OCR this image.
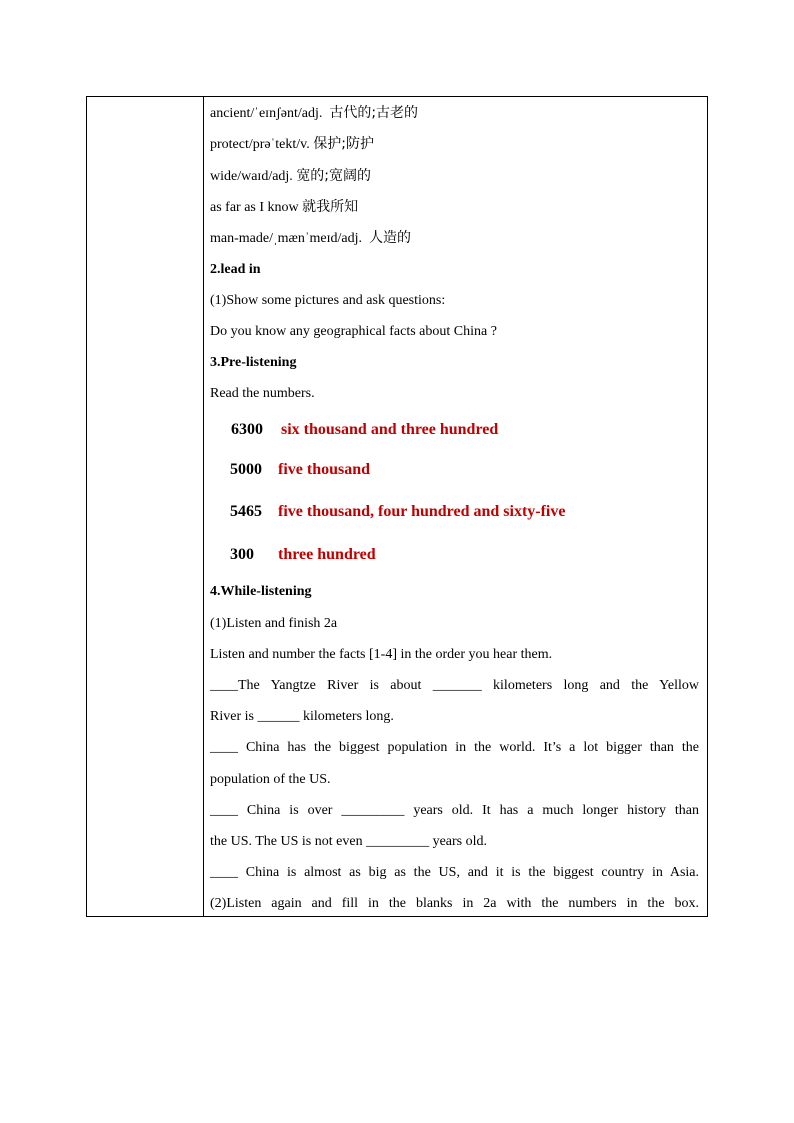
ancient/ˈeɪnʃənt/adj. 古代的;古老的
protect/prəˈtekt/v. 保护;防护
wide/waɪd/adj. 宽的;宽阔的
as far as I know 就我所知
man-made/ˌmænˈmeɪd/adj. 人造的
2.lead in
(1)Show some pictures and ask questions:
Do you know any geographical facts about China ?
3.Pre-listening
Read the numbers.
6300 six thousand and three hundred
5000 five thousand
5465 five thousand, four hundred and sixty-five
300 three hundred
4.While-listening
(1)Listen and finish 2a
Listen and number the facts [1-4] in the order you hear them.
____The Yangtze River is about _______ kilometers long and the Yellow
River is ______ kilometers long.
____ China has the biggest population in the world. It’s a lot bigger than the
population of the US.
____ China is over _________ years old. It has a much longer history than
the US. The US is not even _________ years old.
____ China is almost as big as the US, and it is the biggest country in Asia.
(2)Listen again and fill in the blanks in 2a with the numbers in the box.
